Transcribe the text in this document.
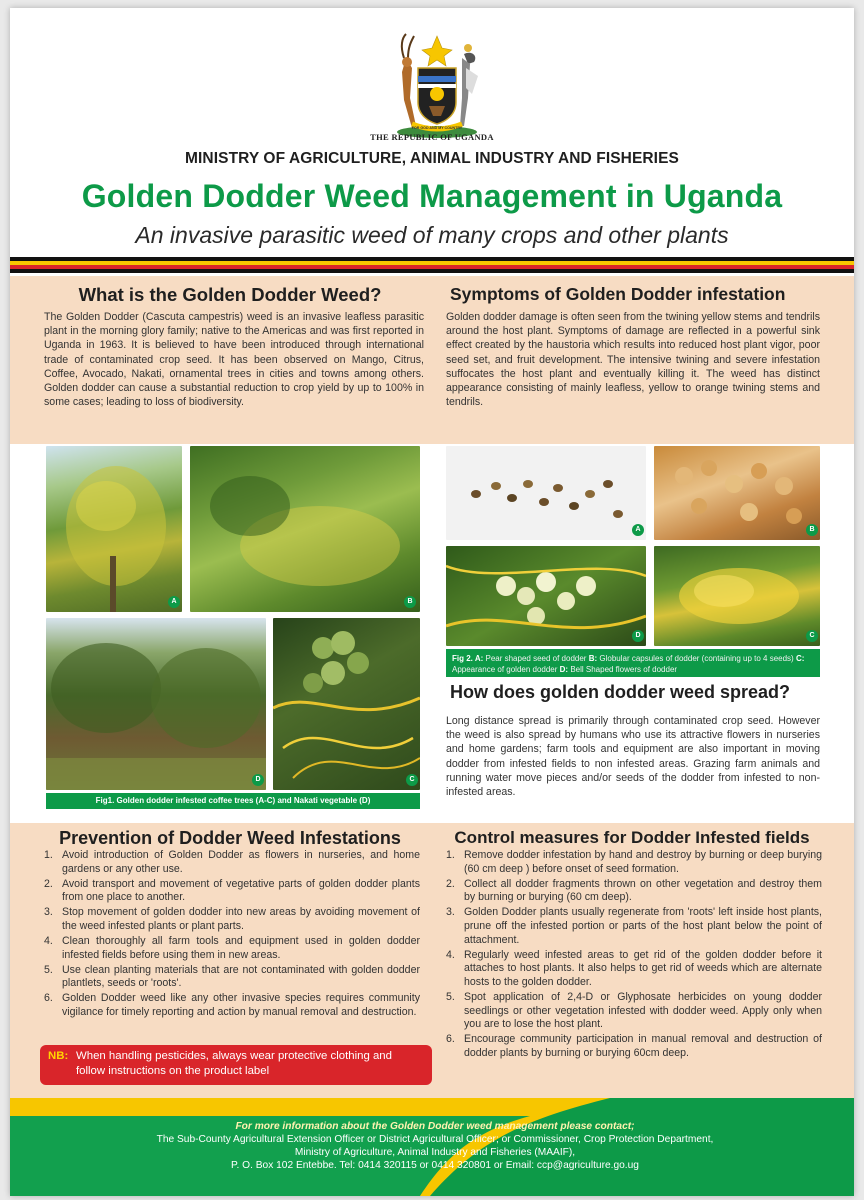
FOR GOD AND MY COUNTRY
THE REPUBLIC OF UGANDA
MINISTRY OF AGRICULTURE, ANIMAL INDUSTRY AND FISHERIES
Golden Dodder Weed Management in Uganda
An invasive parasitic weed of many crops and other plants
What is the Golden Dodder Weed?
The Golden Dodder (Cascuta campestris) weed is an invasive leafless parasitic plant in the morning glory family; native to the Americas and was first reported in Uganda in 1963. It is believed to have been introduced through international trade of contaminated crop seed. It has been observed on Mango, Citrus, Coffee, Avocado, Nakati, ornamental trees in cities and towns among others. Golden dodder can cause a substantial reduction to crop yield by up to 100% in some cases; leading to loss of biodiversity.
Symptoms of Golden Dodder infestation
Golden dodder damage is often seen from the twining yellow stems and tendrils around the host plant. Symptoms of damage are reflected in a powerful sink effect created by the haustoria which results into reduced host plant vigor, poor seed set, and fruit development. The intensive twining and severe infestation suffocates the host plant and eventually killing it. The weed has distinct appearance consisting of mainly leafless, yellow to orange twining stems and tendrils.
A	B
D	C
Fig1. Golden dodder infested coffee trees (A-C) and Nakati vegetable (D)
A	B
D	C
Fig 2. A: Pear shaped seed of dodder B: Globular capsules of dodder (containing up to 4 seeds) C: Appearance of golden dodder D: Bell Shaped flowers of dodder
How does golden dodder weed spread?
Long distance spread is primarily through contaminated crop seed. However the weed is also spread by humans who use its attractive flowers in nurseries and home gardens; farm tools and equipment are also important in moving dodder from infested fields to non infested areas. Grazing farm animals and running water move pieces and/or seeds of the dodder from infested to non-infested areas.
Prevention of Dodder Weed Infestations
1. Avoid introduction of Golden Dodder as flowers in nurseries, and home gardens or any other use.
2. Avoid transport and movement of vegetative parts of golden dodder plants from one place to another.
3. Stop movement of golden dodder into new areas by avoiding movement of the weed infested plants or plant parts.
4. Clean thoroughly all farm tools and equipment used in golden dodder infested fields before using them in new areas.
5. Use clean planting materials that are not contaminated with golden dodder plantlets, seeds or 'roots'.
6. Golden Dodder weed like any other invasive species requires community vigilance for timely reporting and action by manual removal and destruction.
NB: When handling pesticides, always wear protective clothing and follow instructions on the product label
Control measures for Dodder Infested fields
1. Remove dodder infestation by hand and destroy by burning or deep burying (60 cm deep ) before onset of seed formation.
2. Collect all dodder fragments thrown on other vegetation and destroy them by burning or burying (60 cm deep).
3. Golden Dodder plants usually regenerate from 'roots' left inside host plants, prune off the infested portion or parts of the host plant below the point of attachment.
4. Regularly weed infested areas to get rid of the golden dodder before it attaches to host plants. It also helps to get rid of weeds which are alternate hosts to the golden dodder.
5. Spot application of 2,4-D or Glyphosate herbicides on young dodder seedlings or other vegetation infested with dodder weed. Apply only when you are to lose the host plant.
6. Encourage community participation in manual removal and destruction of dodder plants by burning or burying 60cm deep.
For more information about the Golden Dodder weed management please contact;
The Sub-County Agricultural Extension Officer or District Agricultural Officer; or Commissioner, Crop Protection Department,
Ministry of Agriculture, Animal Industry and Fisheries (MAAIF),
P. O. Box 102 Entebbe. Tel: 0414 320115 or 0414 320801 or Email: ccp@agriculture.go.ug
